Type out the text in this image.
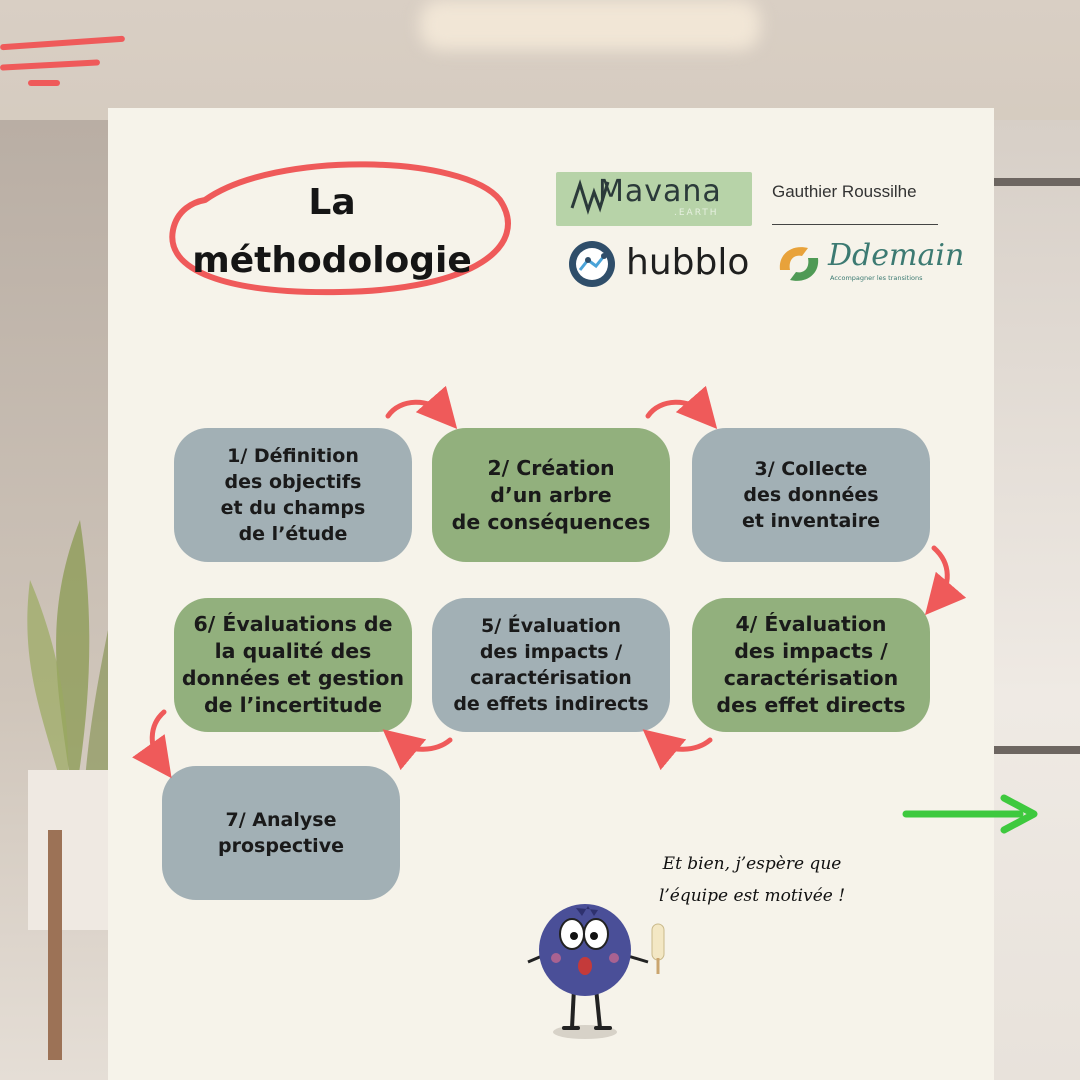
La
méthodologie
Mavana
.EARTH
hubblo
Gauthier Roussilhe
Ddemain
Accompagner les transitions
1/ Définition
des objectifs
et du champs
de l’étude
2/ Création
d’un arbre
de conséquences
3/ Collecte
des données
et inventaire
4/ Évaluation
des impacts /
caractérisation
des effet directs
5/ Évaluation
des impacts /
caractérisation
de effets indirects
6/ Évaluations de
la qualité des
données et gestion
de l’incertitude
7/ Analyse
prospective
Et bien, j’espère que
l’équipe est motivée !
